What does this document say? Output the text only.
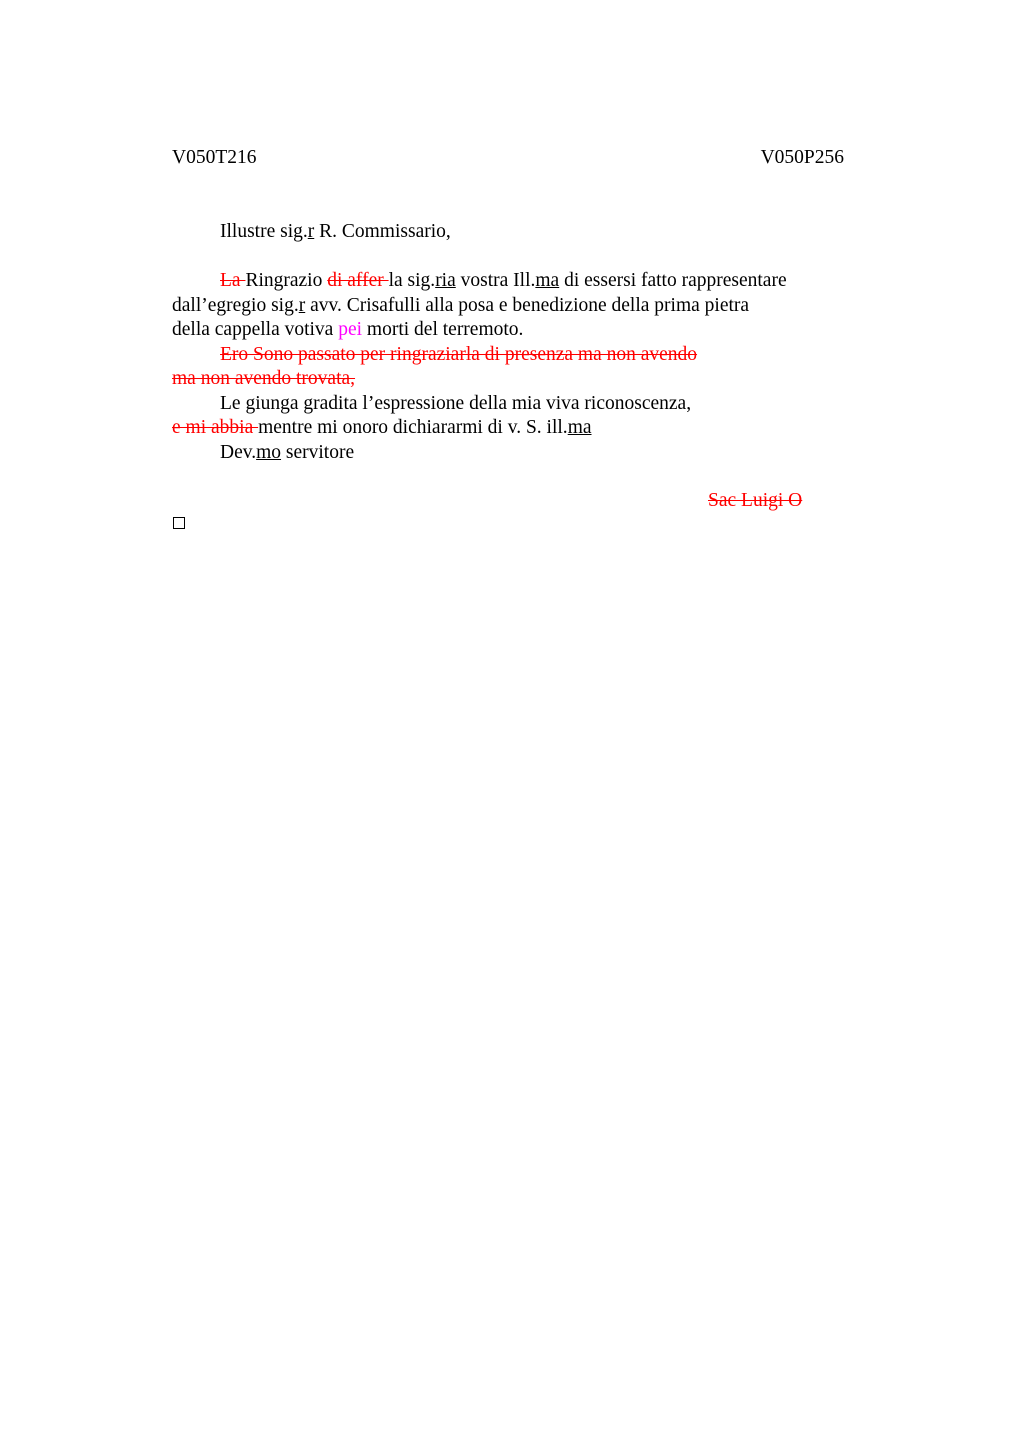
V050T216	V050P256
Illustre sig.r R. Commissario,
La Ringrazio di affer la sig.ria vostra Ill.ma di essersi fatto rappresentare
dall’egregio sig.r avv. Crisafulli alla posa e benedizione della prima pietra
della cappella votiva pei morti del terremoto.
Ero Sono passato per ringraziarla di presenza ma non avendo
ma non avendo trovata,
Le giunga gradita l’espressione della mia viva riconoscenza,
e mi abbia mentre mi onoro dichiararmi di v. S. ill.ma
Dev.mo servitore
Sac Luigi O
